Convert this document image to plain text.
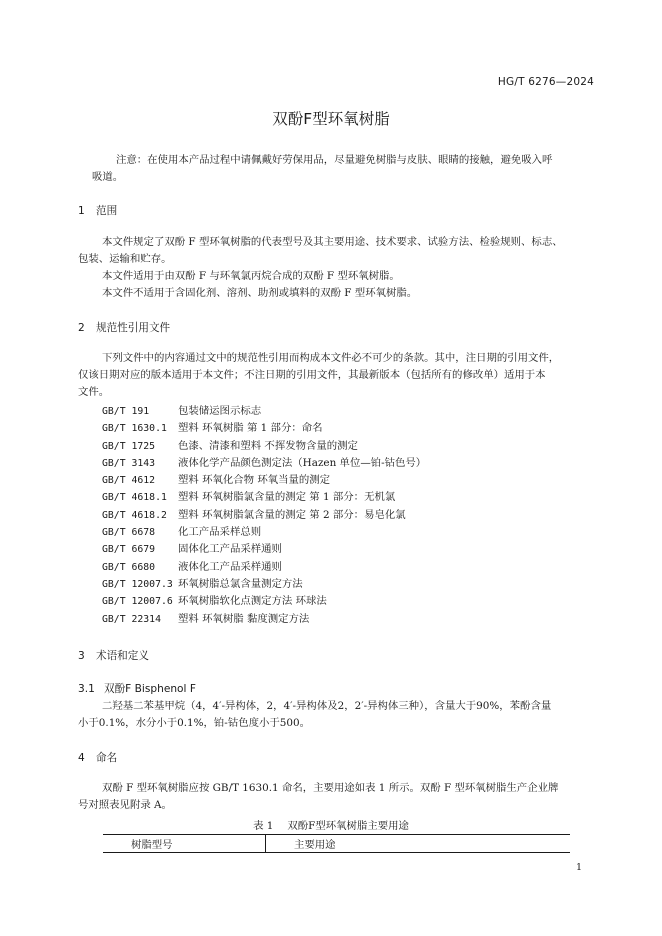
HG/T 6276—2024
双酚F型环氧树脂
注意：在使用本产品过程中请佩戴好劳保用品，尽量避免树脂与皮肤、眼睛的接触，避免吸入呼
吸道。
1 范围
本文件规定了双酚 F 型环氧树脂的代表型号及其主要用途、技术要求、试验方法、检验规则、标志、
包装、运输和贮存。
本文件适用于由双酚 F 与环氧氯丙烷合成的双酚 F 型环氧树脂。
本文件不适用于含固化剂、溶剂、助剂或填料的双酚 F 型环氧树脂。
2 规范性引用文件
下列文件中的内容通过文中的规范性引用而构成本文件必不可少的条款。其中，注日期的引用文件，
仅该日期对应的版本适用于本文件；不注日期的引用文件，其最新版本（包括所有的修改单）适用于本
文件。
GB/T 191	包装储运图示标志
GB/T 1630.1 塑料 环氧树脂 第 1 部分：命名
GB/T 1725 色漆、清漆和塑料 不挥发物含量的测定
GB/T 3143 液体化学产品颜色测定法（Hazen 单位—铂-钴色号）
GB/T 4612 塑料 环氧化合物 环氧当量的测定
GB/T 4618.1 塑料 环氧树脂氯含量的测定 第 1 部分：无机氯
GB/T 4618.2 塑料 环氧树脂氯含量的测定 第 2 部分：易皂化氯
GB/T 6678 化工产品采样总则
GB/T 6679 固体化工产品采样通则
GB/T 6680 液体化工产品采样通则
GB/T 12007.3 环氧树脂总氯含量测定方法
GB/T 12007.6 环氧树脂软化点测定方法 环球法
GB/T 22314 塑料 环氧树脂 黏度测定方法
3 术语和定义
3.1 双酚F Bisphenol F
二羟基二苯基甲烷（4，4′-异构体，2，4′-异构体及2，2′-异构体三种），含量大于90%，苯酚含量
小于0.1%，水分小于0.1%，铂-钴色度小于500。
4 命名
双酚 F 型环氧树脂应按 GB/T 1630.1 命名，主要用途如表 1 所示。双酚 F 型环氧树脂生产企业牌
号对照表见附录 A。
表 1 双酚F型环氧树脂主要用途
树脂型号	主要用途
1
